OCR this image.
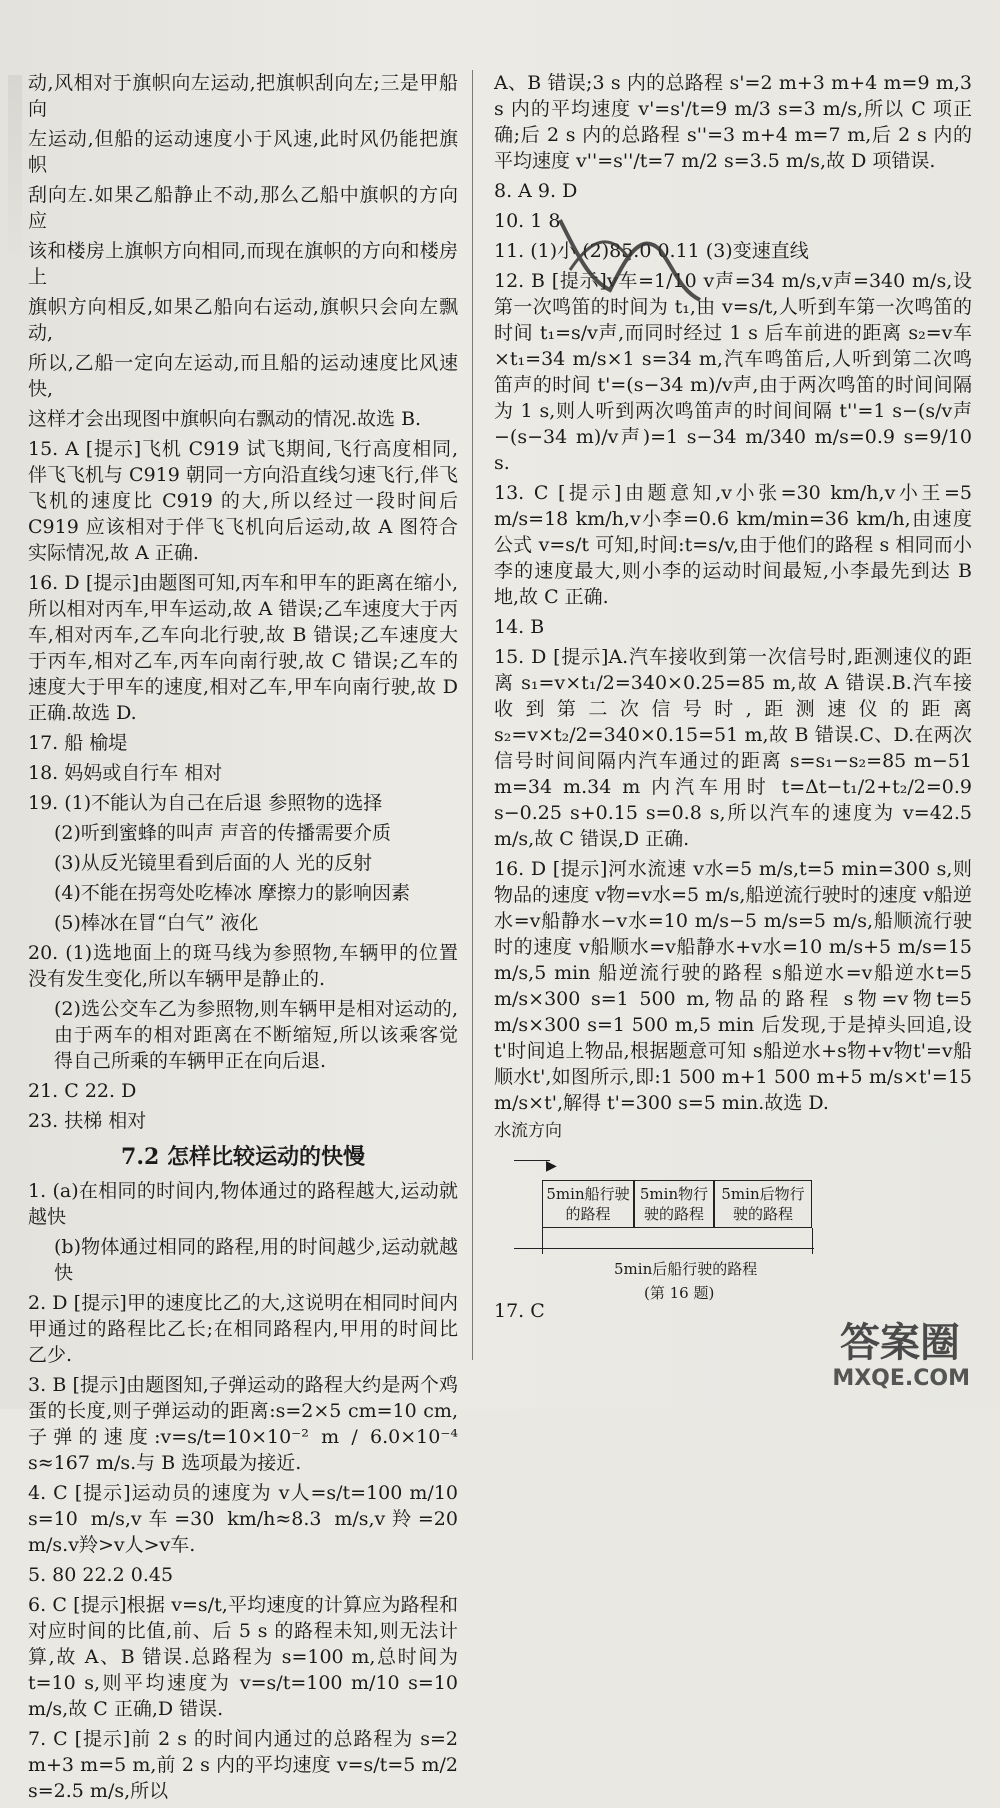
动,风相对于旗帜向左运动,把旗帜刮向左;三是甲船向
左运动,但船的运动速度小于风速,此时风仍能把旗帜
刮向左.如果乙船静止不动,那么乙船中旗帜的方向应
该和楼房上旗帜方向相同,而现在旗帜的方向和楼房上
旗帜方向相反,如果乙船向右运动,旗帜只会向左飘动,
所以,乙船一定向左运动,而且船的运动速度比风速快,
这样才会出现图中旗帜向右飘动的情况.故选 B.
15. A [提示]飞机 C919 试飞期间,飞行高度相同,伴飞飞机与 C919 朝同一方向沿直线匀速飞行,伴飞飞机的速度比 C919 的大,所以经过一段时间后 C919 应该相对于伴飞飞机向后运动,故 A 图符合实际情况,故 A 正确.
16. D [提示]由题图可知,丙车和甲车的距离在缩小,所以相对丙车,甲车运动,故 A 错误;乙车速度大于丙车,相对丙车,乙车向北行驶,故 B 错误;乙车速度大于丙车,相对乙车,丙车向南行驶,故 C 错误;乙车的速度大于甲车的速度,相对乙车,甲车向南行驶,故 D 正确.故选 D.
17. 船 榆堤
18. 妈妈或自行车 相对
19. (1)不能认为自己在后退 参照物的选择
(2)听到蜜蜂的叫声 声音的传播需要介质
(3)从反光镜里看到后面的人 光的反射
(4)不能在拐弯处吃棒冰 摩擦力的影响因素
(5)棒冰在冒“白气” 液化
20. (1)选地面上的斑马线为参照物,车辆甲的位置没有发生变化,所以车辆甲是静止的.
(2)选公交车乙为参照物,则车辆甲是相对运动的,由于两车的相对距离在不断缩短,所以该乘客觉得自己所乘的车辆甲正在向后退.
21. C 22. D
23. 扶梯 相对
7.2 怎样比较运动的快慢
1. (a)在相同的时间内,物体通过的路程越大,运动就越快
(b)物体通过相同的路程,用的时间越少,运动就越快
2. D [提示]甲的速度比乙的大,这说明在相同时间内甲通过的路程比乙长;在相同路程内,甲用的时间比乙少.
3. B [提示]由题图知,子弹运动的路程大约是两个鸡蛋的长度,则子弹运动的距离:s=2×5 cm=10 cm,子弹的速度:v=s/t=10×10⁻² m / 6.0×10⁻⁴ s≈167 m/s.与 B 选项最为接近.
4. C [提示]运动员的速度为 v人=s/t=100 m/10 s=10 m/s,v车=30 km/h≈8.3 m/s,v羚=20 m/s.v羚>v人>v车.
5. 80 22.2 0.45
6. C [提示]根据 v=s/t,平均速度的计算应为路程和对应时间的比值,前、后 5 s 的路程未知,则无法计算,故 A、B 错误.总路程为 s=100 m,总时间为 t=10 s,则平均速度为 v=s/t=100 m/10 s=10 m/s,故 C 正确,D 错误.
7. C [提示]前 2 s 的时间内通过的总路程为 s=2 m+3 m=5 m,前 2 s 内的平均速度 v=s/t=5 m/2 s=2.5 m/s,所以
A、B 错误;3 s 内的总路程 s'=2 m+3 m+4 m=9 m,3 s 内的平均速度 v'=s'/t=9 m/3 s=3 m/s,所以 C 项正确;后 2 s 内的总路程 s''=3 m+4 m=7 m,后 2 s 内的平均速度 v''=s''/t=7 m/2 s=3.5 m/s,故 D 项错误.
8. A 9. D
10. 1 8
11. (1)小 (2)85.0 0.11 (3)变速直线
12. B [提示]v车=1/10 v声=34 m/s,v声=340 m/s,设第一次鸣笛的时间为 t₁,由 v=s/t,人听到车第一次鸣笛的时间 t₁=s/v声,而同时经过 1 s 后车前进的距离 s₂=v车×t₁=34 m/s×1 s=34 m,汽车鸣笛后,人听到第二次鸣笛声的时间 t'=(s−34 m)/v声,由于两次鸣笛的时间间隔为 1 s,则人听到两次鸣笛声的时间间隔 t''=1 s−(s/v声−(s−34 m)/v声)=1 s−34 m/340 m/s=0.9 s=9/10 s.
13. C [提示]由题意知,v小张=30 km/h,v小王=5 m/s=18 km/h,v小李=0.6 km/min=36 km/h,由速度公式 v=s/t 可知,时间:t=s/v,由于他们的路程 s 相同而小李的速度最大,则小李的运动时间最短,小李最先到达 B 地,故 C 正确.
14. B
15. D [提示]A.汽车接收到第一次信号时,距测速仪的距离 s₁=v×t₁/2=340×0.25=85 m,故 A 错误.B.汽车接收到第二次信号时,距测速仪的距离 s₂=v×t₂/2=340×0.15=51 m,故 B 错误.C、D.在两次信号时间间隔内汽车通过的距离 s=s₁−s₂=85 m−51 m=34 m.34 m 内汽车用时 t=Δt−t₁/2+t₂/2=0.9 s−0.25 s+0.15 s=0.8 s,所以汽车的速度为 v=42.5 m/s,故 C 错误,D 正确.
16. D [提示]河水流速 v水=5 m/s,t=5 min=300 s,则物品的速度 v物=v水=5 m/s,船逆流行驶时的速度 v船逆水=v船静水−v水=10 m/s−5 m/s=5 m/s,船顺流行驶时的速度 v船顺水=v船静水+v水=10 m/s+5 m/s=15 m/s,5 min 船逆流行驶的路程 s船逆水=v船逆水t=5 m/s×300 s=1 500 m,物品的路程 s物=v物t=5 m/s×300 s=1 500 m,5 min 后发现,于是掉头回追,设 t'时间追上物品,根据题意可知 s船逆水+s物+v物t'=v船顺水t',如图所示,即:1 500 m+1 500 m+5 m/s×t'=15 m/s×t',解得 t'=300 s=5 min.故选 D.
水流方向
▶
5min船行驶的路程
5min物行驶的路程
5min后物行驶的路程
5min后船行驶的路程
(第 16 题)
17. C
答案圈
MXQE.COM
